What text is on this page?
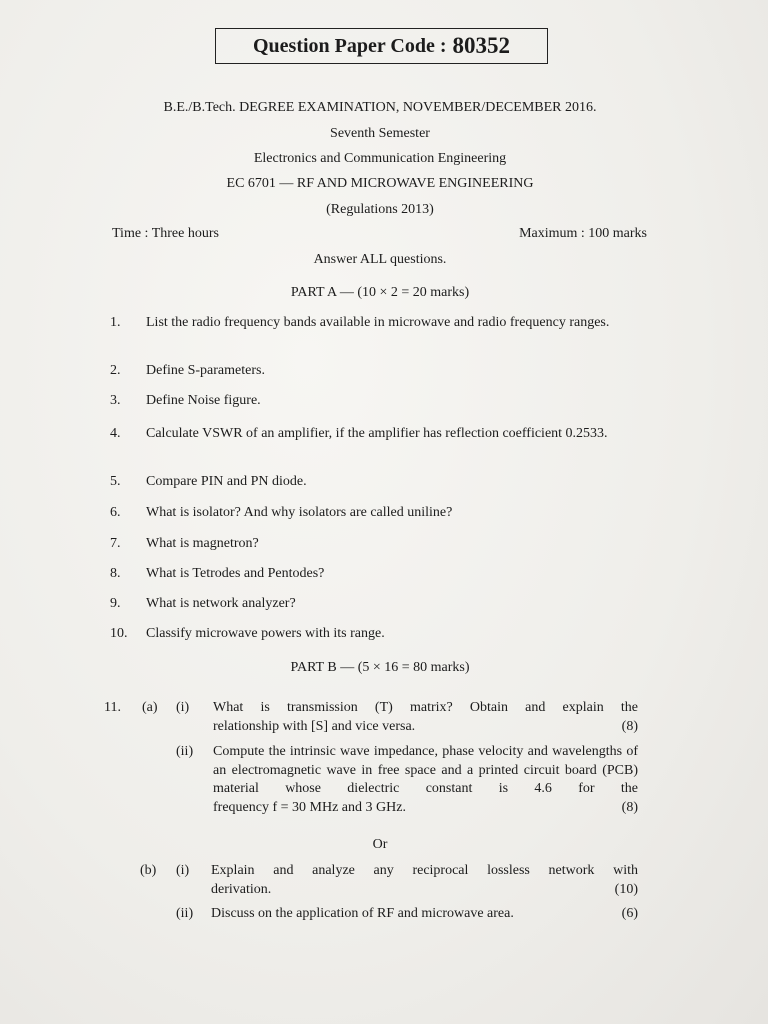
Question Paper Code : 80352
B.E./B.Tech. DEGREE EXAMINATION, NOVEMBER/DECEMBER 2016.
Seventh Semester
Electronics and Communication Engineering
EC 6701 — RF AND MICROWAVE ENGINEERING
(Regulations 2013)
Time : Three hours	Maximum : 100 marks
Answer ALL questions.
PART A — (10 × 2 = 20 marks)
1.	List the radio frequency bands available in microwave and radio frequency ranges.
2.	Define S-parameters.
3.	Define Noise figure.
4.	Calculate VSWR of an amplifier, if the amplifier has reflection coefficient 0.2533.
5.	Compare PIN and PN diode.
6.	What is isolator? And why isolators are called uniline?
7.	What is magnetron?
8.	What is Tetrodes and Pentodes?
9.	What is network analyzer?
10.	Classify microwave powers with its range.
PART B — (5 × 16 = 80 marks)
11. (a) (i) What is transmission (T) matrix? Obtain and explain the
relationship with [S] and vice versa.	(8)
(ii) Compute the intrinsic wave impedance, phase velocity and wavelengths of an electromagnetic wave in free space and a printed circuit board (PCB) material whose dielectric constant is 4.6 for the
frequency f = 30 MHz and 3 GHz.	(8)
Or
(b) (i) Explain and analyze any reciprocal lossless network with
derivation.	(10)
(ii) Discuss on the application of RF and microwave area.	(6)
